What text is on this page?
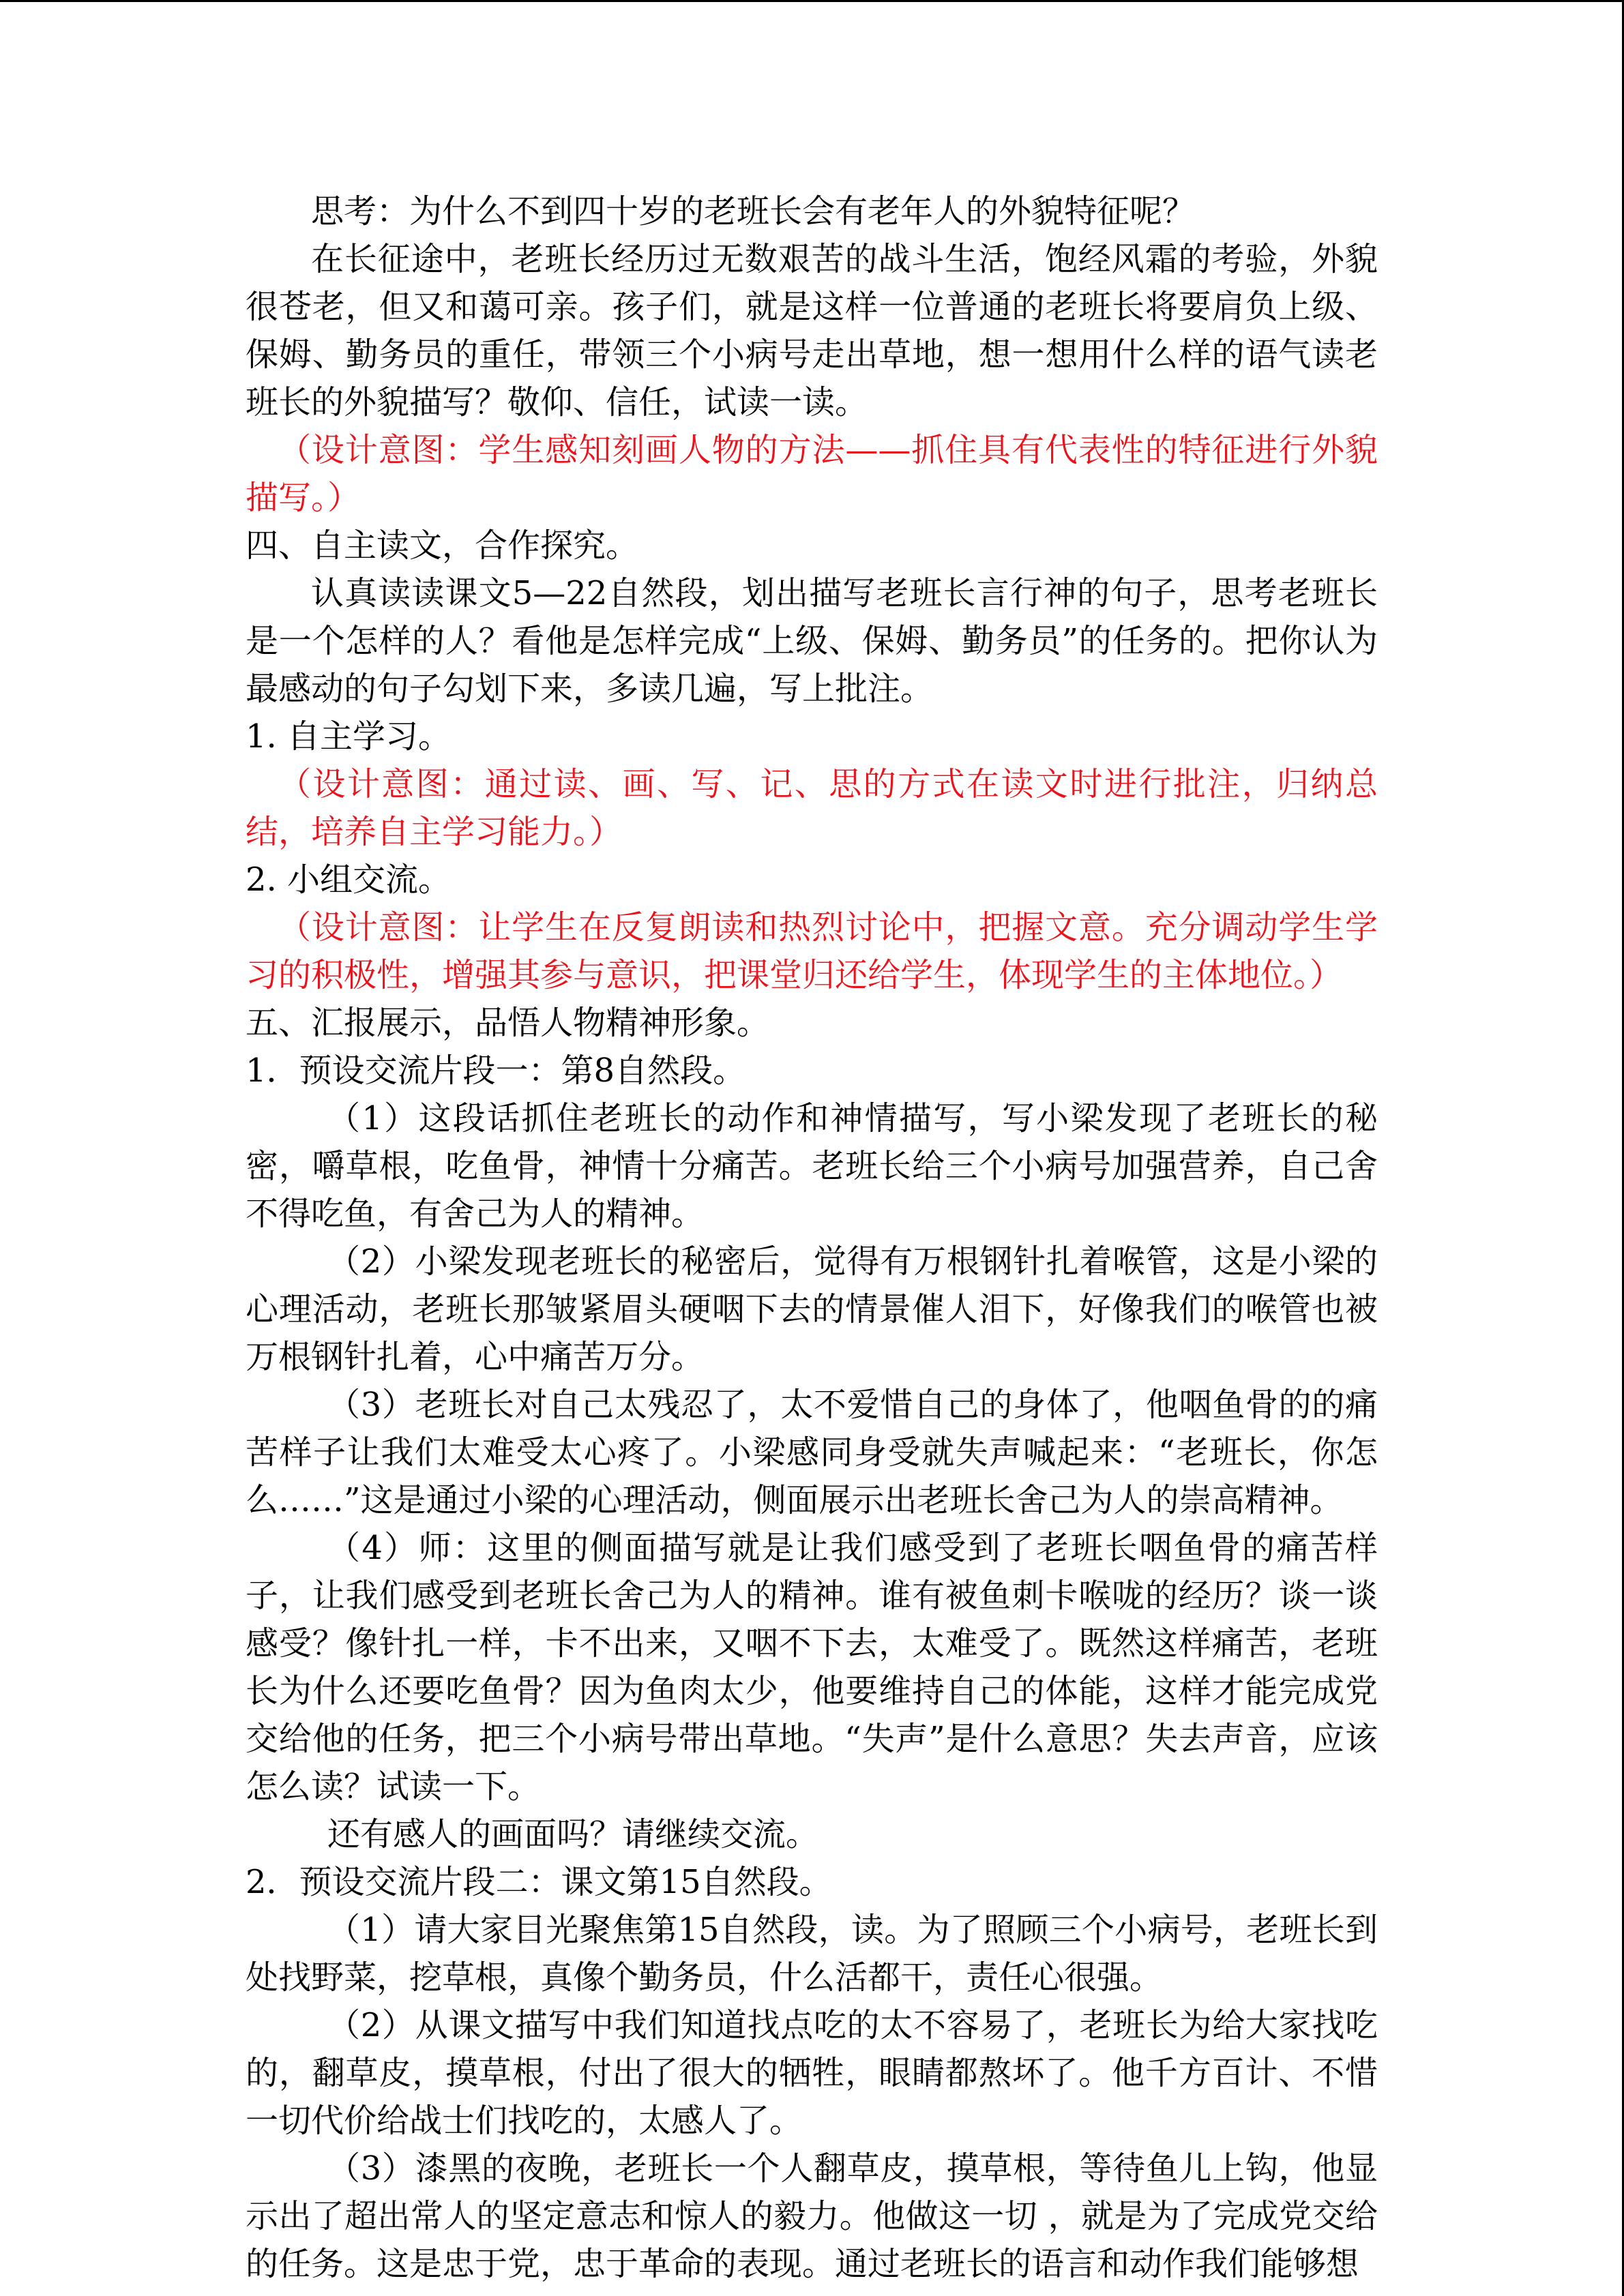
思考：为什么不到四十岁的老班长会有老年人的外貌特征呢？

在长征途中，老班长经历过无数艰苦的战斗生活，饱经风霜的考验，外貌很苍老，但又和蔼可亲。孩子们，就是这样一位普通的老班长将要肩负上级、保姆、勤务员的重任，带领三个小病号走出草地，想一想用什么样的语气读老班长的外貌描写？敬仰、信任，试读一读。

（设计意图：学生感知刻画人物的方法——抓住具有代表性的特征进行外貌描写。）

四、自主读文，合作探究。

认真读读课文5—22自然段，划出描写老班长言行神的句子，思考老班长是一个怎样的人？看他是怎样完成“上级、保姆、勤务员”的任务的。把你认为最感动的句子勾划下来，多读几遍，写上批注。

1. 自主学习。

（设计意图：通过读、画、写、记、思的方式在读文时进行批注，归纳总结，培养自主学习能力。）

2. 小组交流。

（设计意图：让学生在反复朗读和热烈讨论中，把握文意。充分调动学生学习的积极性，增强其参与意识，把课堂归还给学生，体现学生的主体地位。）

五、汇报展示，品悟人物精神形象。

1．预设交流片段一：第8自然段。

（1）这段话抓住老班长的动作和神情描写，写小梁发现了老班长的秘密，嚼草根，吃鱼骨，神情十分痛苦。老班长给三个小病号加强营养，自己舍不得吃鱼，有舍己为人的精神。

（2）小梁发现老班长的秘密后，觉得有万根钢针扎着喉管，这是小梁的心理活动，老班长那皱紧眉头硬咽下去的情景催人泪下，好像我们的喉管也被万根钢针扎着，心中痛苦万分。

（3）老班长对自己太残忍了，太不爱惜自己的身体了，他咽鱼骨的的痛苦样子让我们太难受太心疼了。小梁感同身受就失声喊起来：“老班长，你怎么……”这是通过小梁的心理活动，侧面展示出老班长舍己为人的崇高精神。

（4）师：这里的侧面描写就是让我们感受到了老班长咽鱼骨的痛苦样子，让我们感受到老班长舍己为人的精神。谁有被鱼刺卡喉咙的经历？谈一谈感受？像针扎一样，卡不出来，又咽不下去，太难受了。既然这样痛苦，老班长为什么还要吃鱼骨？因为鱼肉太少，他要维持自己的体能，这样才能完成党交给他的任务，把三个小病号带出草地。“失声”是什么意思？失去声音，应该怎么读？试读一下。

还有感人的画面吗？请继续交流。

2．预设交流片段二：课文第15自然段。

（1）请大家目光聚焦第15自然段，读。为了照顾三个小病号，老班长到处找野菜，挖草根，真像个勤务员，什么活都干，责任心很强。

（2）从课文描写中我们知道找点吃的太不容易了，老班长为给大家找吃的，翻草皮，摸草根，付出了很大的牺牲，眼睛都熬坏了。他千方百计、不惜一切代价给战士们找吃的，太感人了。

（3）漆黑的夜晚，老班长一个人翻草皮，摸草根，等待鱼儿上钩，他显示出了超出常人的坚定意志和惊人的毅力。他做这一切 ，就是为了完成党交给的任务。这是忠于党，忠于革命的表现。通过老班长的语言和动作我们能够想
